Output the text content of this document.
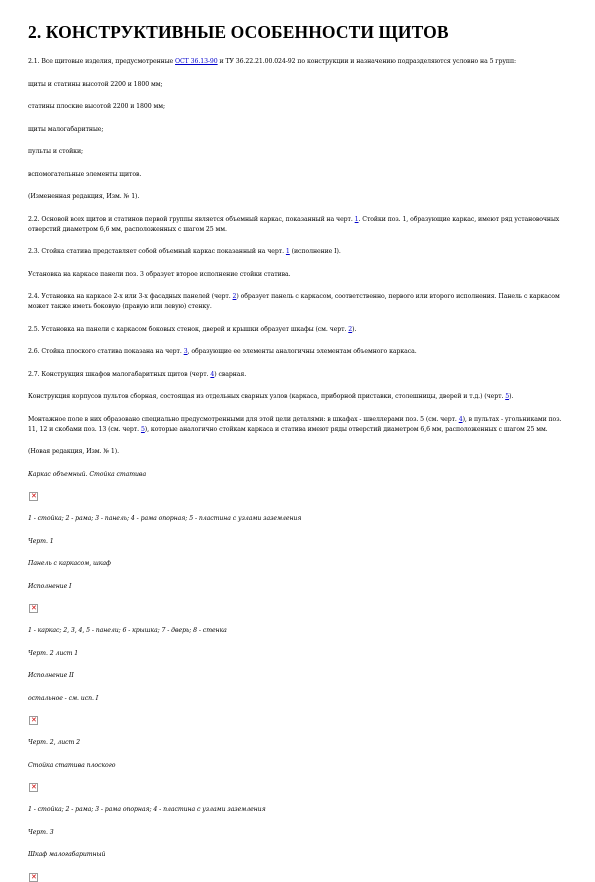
2. КОНСТРУКТИВНЫЕ ОСОБЕННОСТИ ЩИТОВ

2.1. Все щитовые изделия, предусмотренные ОСТ 36.13-90 и ТУ 36.22.21.00.024-92 по конструкции и назначению подразделяются условно на 5 групп:

щиты и статины высотой 2200 и 1800 мм;

статины плоские высотой 2200 и 1800 мм;

щиты малогабаритные;

пульты и стойки;

вспомогательные элементы щитов.

(Измененная редакция, Изм. № 1).

2.2. Основой всех щитов и статинов первой группы является объемный каркас, показанный на черт. 1. Стойки поз. 1, образующие каркас, имеют ряд установочных отверстий диаметром 6,6 мм, расположенных с шагом 25 мм.

2.3. Стойка статива представляет собой объемный каркас показанный на черт. 1 (исполнение I).

Установка на каркасе панели поз. 3 образует второе исполнение стойки статива.

2.4. Установка на каркасе 2-х или 3-х фасадных панелей (черт. 2) образует панель с каркасом, соответственно, первого или второго исполнения. Панель с каркасом может также иметь боковую (правую или левую) стенку.

2.5. Установка на панели с каркасом боковых стенок, дверей и крышки образует шкафы (см. черт. 2).

2.6. Стойка плоского статива показана на черт. 3, образующие ее элементы аналогичны элементам объемного каркаса.

2.7. Конструкция шкафов малогабаритных щитов (черт. 4) сварная.

Конструкция корпусов пультов сборная, состоящая из отдельных сварных узлов (каркаса, приборной приставки, столешницы, дверей и т.д.) (черт. 5).

Монтажное поле в них образовано специально предусмотренными для этой цели деталями: в шкафах - швеллерами поз. 5 (см. черт. 4), в пультах - угольниками поз. 11, 12 и скобами поз. 13 (см. черт. 5), которые аналогично стойкам каркаса и статива имеют ряды отверстий диаметром 6,6 мм, расположенных с шагом 25 мм.

(Новая редакция, Изм. № 1).

Каркас объемный. Стойка статива

✕

1 - стойка; 2 - рама; 3 - панель; 4 - рама опорная; 5 - пластина с узлами заземления

Черт. 1

Панель с каркасом, шкаф

Исполнение I

✕

1 - каркас; 2, 3, 4, 5 - панели; 6 - крышка; 7 - дверь; 8 - стенка

Черт. 2 лист 1

Исполнение II

остальное - см. исп. I

✕

Черт. 2, лист 2

Стойка статива плоского

✕

1 - стойка; 2 - рама; 3 - рама опорная; 4 - пластина с узлами заземления

Черт. 3

Шкаф малогабаритный

✕
